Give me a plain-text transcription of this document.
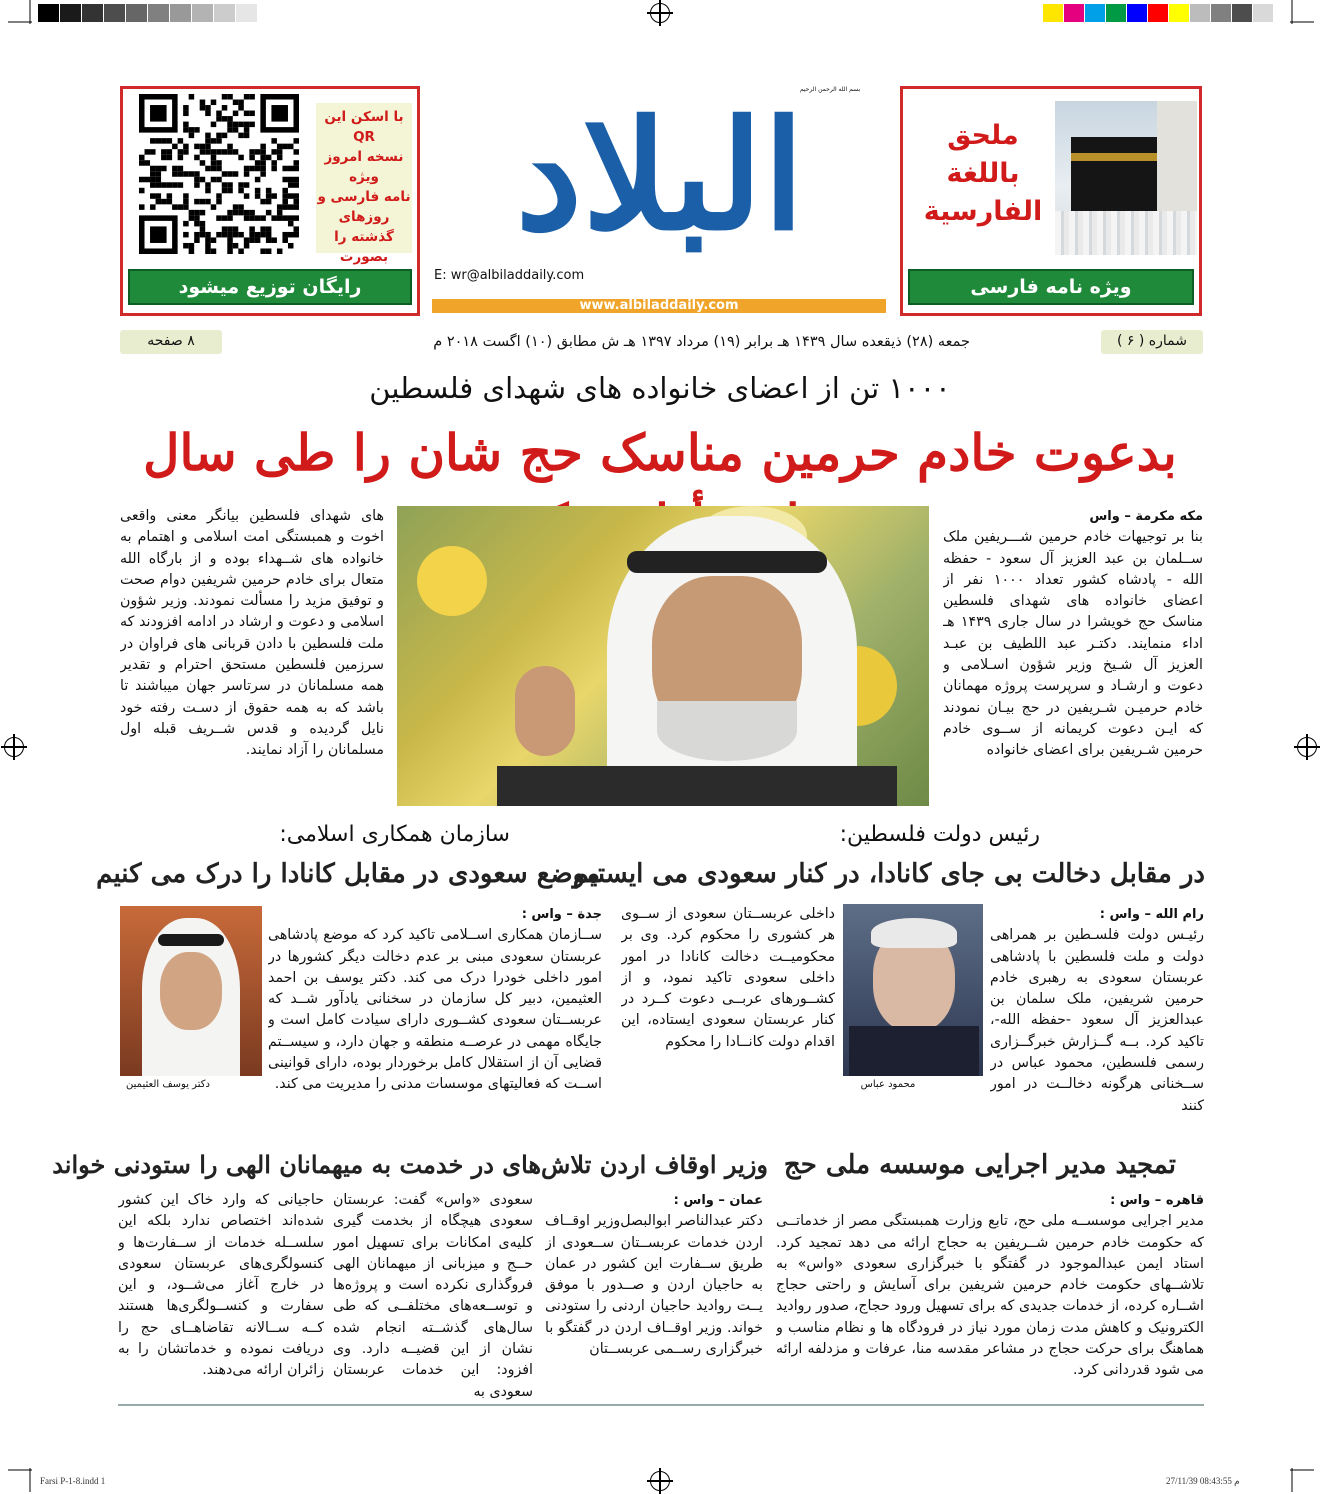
با اسکن این QR
نسخه امروز ویژه
نامه فارسی و
روزهای گذشته را
بصورت
رایگان توزیع میشود
بسم الله الرحمن الرحیم
البلاد
E: wr@albiladdaily.com
www.albiladdaily.com
ملحق
باللغة
الفارسية
ویژه نامه فارسی
شماره ( ۶ )
جمعه (۲۸) ذیقعده سال ۱۴۳۹ هـ برابر (۱۹) مرداد ۱۳۹۷ هـ ش مطابق (۱۰) اگست ۲۰۱۸ م
۸ صفحه
۱۰۰۰ تن از اعضای خانواده های شهدای فلسطین
بدعوت خادم حرمین مناسک حج شان را طی سال
مکه مکرمة – واس
بنا بر توجیهات خادم حرمین شـــریفین ملک ســلمان بن عبد العزیز آل سعود - حفظه الله - پادشاه کشور تعداد ۱۰۰۰ نفر از اعضای خانواده های شهدای فلسطین مناسک حج خویشرا در سال جاری ۱۴۳۹ هـ اداء منمایند. دکتـر عبد اللطیف بن عبـد العزیز آل شـیخ وزیر شؤون اسـلامی و دعوت و ارشـاد و سرپرست پروژه مهمانان خادم حرمیـن شـریفین در حج بیـان نمودند که ایـن دعوت کریمانه از ســوی خادم حرمین شـریفین برای اعضای خانواده
های شهدای فلسطین بیانگر معنی واقعی اخوت و همبستگی امت اسلامی و اهتمام به خانواده های شــهداء بوده و از بارگاه الله متعال برای خادم حرمین شریفین دوام صحت و توفیق مزید را مسألت نمودند. وزیر شؤون اسلامی و دعوت و ارشاد در ادامه افزودند که ملت فلسطین با دادن قربانی های فراوان در سرزمین فلسطین مستحق احترام و تقدیر همه مسلمانان در سرتاسر جهان میباشند تا باشد که به همه حقوق از دسـت رفته خود نایل گردیده و قدس شــریف قبله اول مسلمانان را آزاد نمایند.
رئیس دولت فلسطین:
در مقابل دخالت بی جای کانادا، در کنار سعودی می ایستیم
رام الله – واس :
رئیـس دولت فلسـطین بر همراهی دولت و ملت فلسطین با پادشاهی عربستان سعودی به رهبری خادم حرمین شریفین، ملک سلمان بن عبدالعزیز آل سعود -حفظه الله-، تاکید کرد. بــه گــزارش خبرگــزاری رسمی فلسطین، محمود عباس در ســخنانی هرگونه دخالــت در امور کنند
محمود عباس
داخلی عربســتان سعودی از ســوی هر کشوری را محکوم کرد. وی بر محکومیــت دخالت کانادا در امور داخلی سعودی تاکید نمود، و از کشــورهای عربــی دعوت کــرد در کنار عربستان سعودی ایستاده، این اقدام دولت کانــادا را محکوم
سازمان همکاری اسلامی:
موضع سعودی در مقابل کانادا را درک می کنیم
جدة – واس :
ســازمان همکاری اســلامی تاکید کرد که موضع پادشاهی عربستان سعودی مبنی بر عدم دخالت دیگر کشورها در امور داخلی خودرا درک می کند. دکتر یوسف بن احمد العثیمین، دبیر کل سازمان در سخنانی یادآور شــد که عربســتان سعودی کشــوری دارای سیادت کامل است و جایگاه مهمی در عرصــه منطقه و جهان دارد، و سیســتم قضایی آن از استقلال کامل برخوردار بوده، دارای قوانینی اســت که فعالیتهای موسسات مدنی را مدیریت می کند.
دکتر یوسف العثیمین
تمجید مدیر اجرایی موسسه ملی حج
قاهره – واس :
مدیر اجرایی موسســه ملی حج، تابع وزارت همبستگی مصر از خدماتــی که حکومت خادم حرمین شــریفین به حجاج ارائه می دهد تمجید کرد. استاد ایمن عبدالموجود در گفتگو با خبرگزاری سعودی «واس» به تلاشــهای حکومت خادم حرمین شریفین برای آسایش و راحتی حجاج اشــاره کرده، از خدمات جدیدی که برای تسهیل ورود حجاج، صدور روادید الکترونیک و کاهش مدت زمان مورد نیاز در فرودگاه ها و نظام مناسب و هماهنگ برای حرکت حجاج در مشاعر مقدسه منا، عرفات و مزدلفه ارائه می شود قدردانی کرد.
وزیر اوقاف اردن تلاش‌های در خدمت به میهمانان الهی را ستودنی خواند
عمان – واس :
دکتر عبدالناصر ابوالبصل‌وزیر اوقــاف اردن خدمات عربســتان ســعودی از طریق ســفارت این کشور در عمان به حاجیان اردن و صــدور با موفق یــت روادید حاجیان اردنی را ستودنی خواند. وزیر اوقــاف اردن در گفتگو با خبرگزاری رســمی عربســتان
سعودی «واس» گفت: عربستان سعودی هیچگاه از بخدمت گیری کلیه‌ی امکانات برای تسهیل امور حــج و میزبانی از میهمانان الهی فروگذاری نکرده است و پروژه‌ها و توســعه‌های مختلفــی که طی سال‌های گذشــته انجام شده نشان از این قضیــه دارد. وی افزود: این خدمات عربستان سعودی به
حاجیانی که وارد خاک این کشور شده‌اند اختصاص ندارد بلکه این سلســله خدمات از ســفارت‌ها و کنسولگری‌های عربستان سعودی در خارج آغاز می‌شــود، و این سفارت و کنســولگری‌ها هستند کــه ســالانه تقاضاهــای حج را دریافت نموده و خدماتشان را به زائران ارائه می‌دهند.
Farsi P-1-8.indd 1	27/11/39 08:43:55 م
